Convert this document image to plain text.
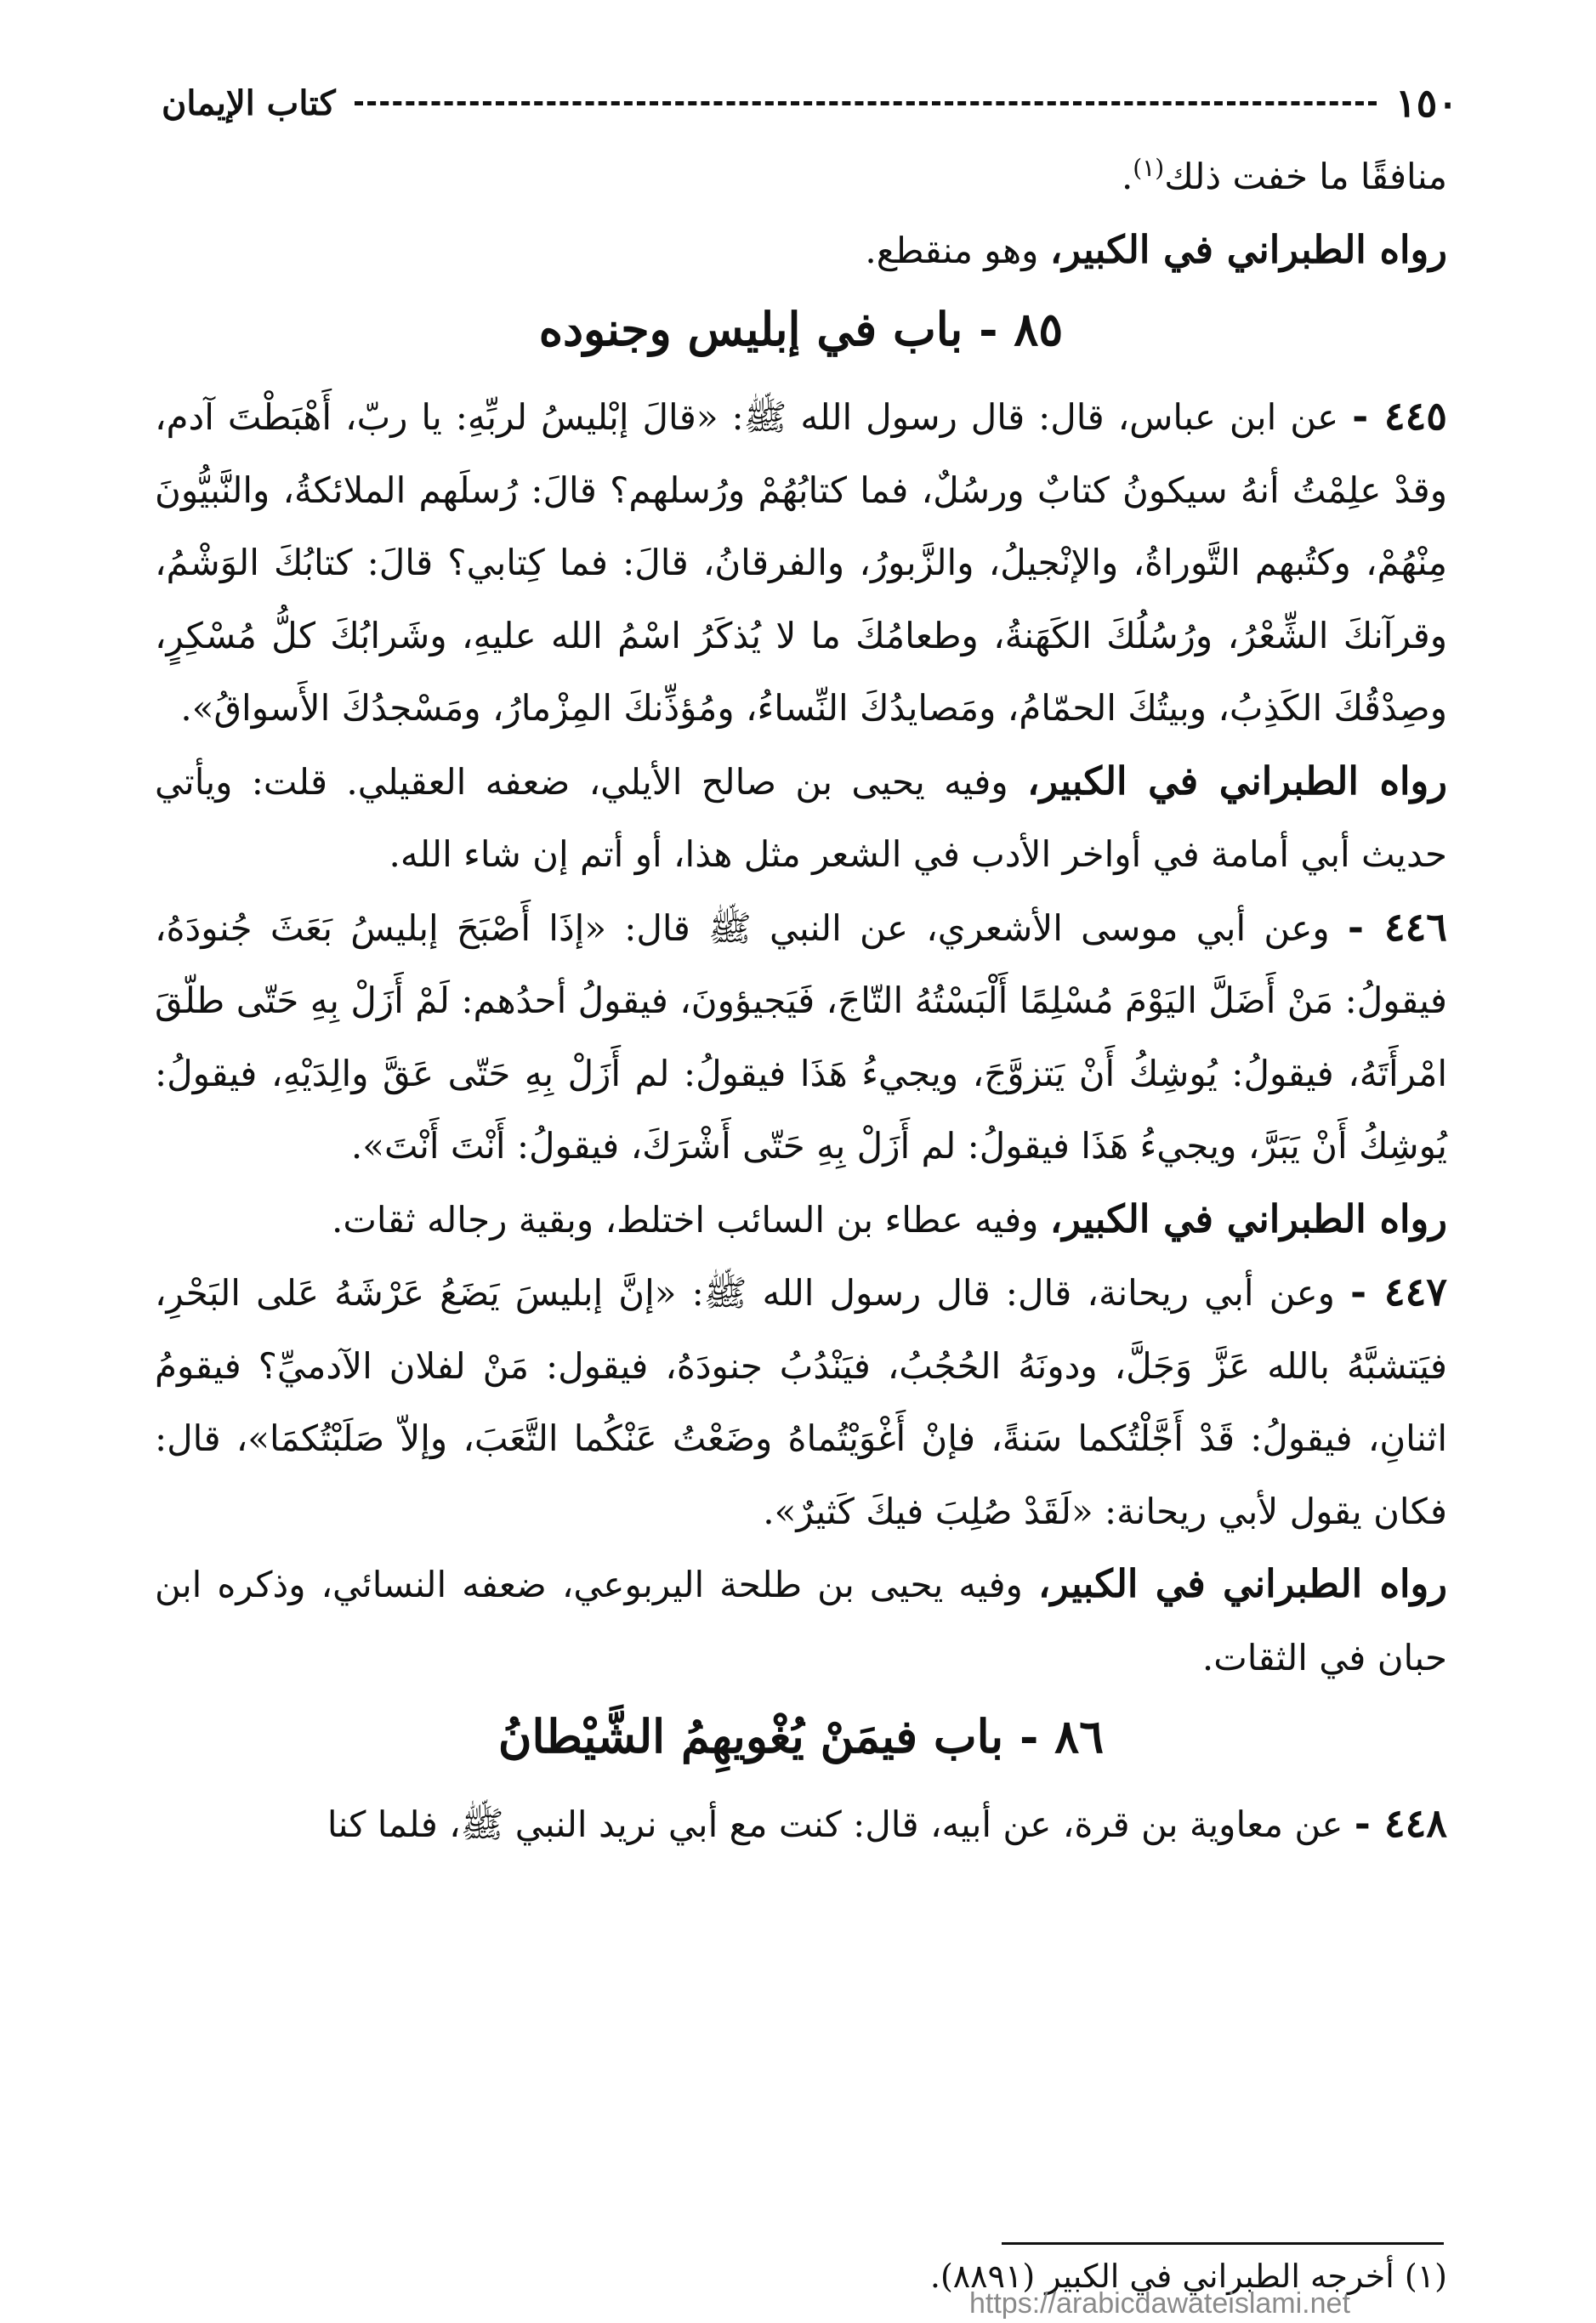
١٥٠
كتاب الإيمان

منافقًا ما خفت ذلك$^{(١)}$.

رواه الطبراني في الكبير، وهو منقطع.

٨٥ - باب في إبليس وجنوده

٤٤٥ - عن ابن عباس، قال: قال رسول الله ﷺ: «قالَ إبْليسُ لربِّهِ: يا ربّ، أَهْبَطْتَ آدم، وقدْ علِمْتُ أنهُ سيكونُ كتابٌ ورسُلٌ، فما كتابُهُمْ ورُسلهم؟ قالَ: رُسلَهم الملائكةُ، والنَّبيُّونَ مِنْهُمْ، وكتُبهم التَّوراةُ، والإنْجيلُ، والزَّبورُ، والفرقانُ، قالَ: فما كِتابي؟ قالَ: كتابُكَ الوَشْمُ، وقرآنكَ الشِّعْرُ، ورُسُلُكَ الكَهَنةُ، وطعامُكَ ما لا يُذكَرُ اسْمُ الله عليهِ، وشَرابُكَ كلُّ مُسْكِرٍ، وصِدْقُكَ الكَذِبُ، وبيتُكَ الحمّامُ، ومَصايدُكَ النِّساءُ، ومُؤذِّنكَ المِزْمارُ، ومَسْجدُكَ الأَسواقُ».

رواه الطبراني في الكبير، وفيه يحيى بن صالح الأيلي، ضعفه العقيلي. قلت: ويأتي حديث أبي أمامة في أواخر الأدب في الشعر مثل هذا، أو أتم إن شاء الله.

٤٤٦ - وعن أبي موسى الأشعري، عن النبي ﷺ قال: «إذَا أَصْبَحَ إبليسُ بَعَثَ جُنودَهُ، فيقولُ: مَنْ أَضَلَّ اليَوْمَ مُسْلِمًا أَلْبَسْتُهُ التّاجَ، فَيَجيؤونَ، فيقولُ أحدُهم: لَمْ أَزَلْ بِهِ حَتّى طلّقَ امْرأَتَهُ، فيقولُ: يُوشِكُ أَنْ يَتزوَّجَ، ويجيءُ هَذَا فيقولُ: لم أَزَلْ بِهِ حَتّى عَقَّ والِدَيْهِ، فيقولُ: يُوشِكُ أَنْ يَبَرَّ، ويجيءُ هَذَا فيقولُ: لم أَزَلْ بِهِ حَتّى أَشْرَكَ، فيقولُ: أَنْتَ أَنْتَ».

رواه الطبراني في الكبير، وفيه عطاء بن السائب اختلط، وبقية رجاله ثقات.

٤٤٧ - وعن أبي ريحانة، قال: قال رسول الله ﷺ: «إنَّ إبليسَ يَضَعُ عَرْشَهُ عَلى البَحْرِ، فيَتشبَّهُ بالله عَزَّ وَجَلَّ، ودونَهُ الحُجُبُ، فيَنْدُبُ جنودَهُ، فيقول: مَنْ لفلان الآدميِّ؟ فيقومُ اثنانِ، فيقولُ: قَدْ أَجَّلْتُكما سَنةً، فإنْ أَغْوَيْتُماهُ وضَعْتُ عَنْكُما التَّعَبَ، وإلاّ صَلَبْتُكمَا»، قال: فكان يقول لأبي ريحانة: «لَقَدْ صُلِبَ فيكَ كَثيرٌ».

رواه الطبراني في الكبير، وفيه يحيى بن طلحة اليربوعي، ضعفه النسائي، وذكره ابن حبان في الثقات.

٨٦ - باب فيمَنْ يُغْويهِمُ الشَّيْطانُ

٤٤٨ - عن معاوية بن قرة، عن أبيه، قال: كنت مع أبي نريد النبي ﷺ، فلما كنا

(١) أخرجه الطبراني في الكبير (٨٨٩١).
https://arabicdawateislami.net
